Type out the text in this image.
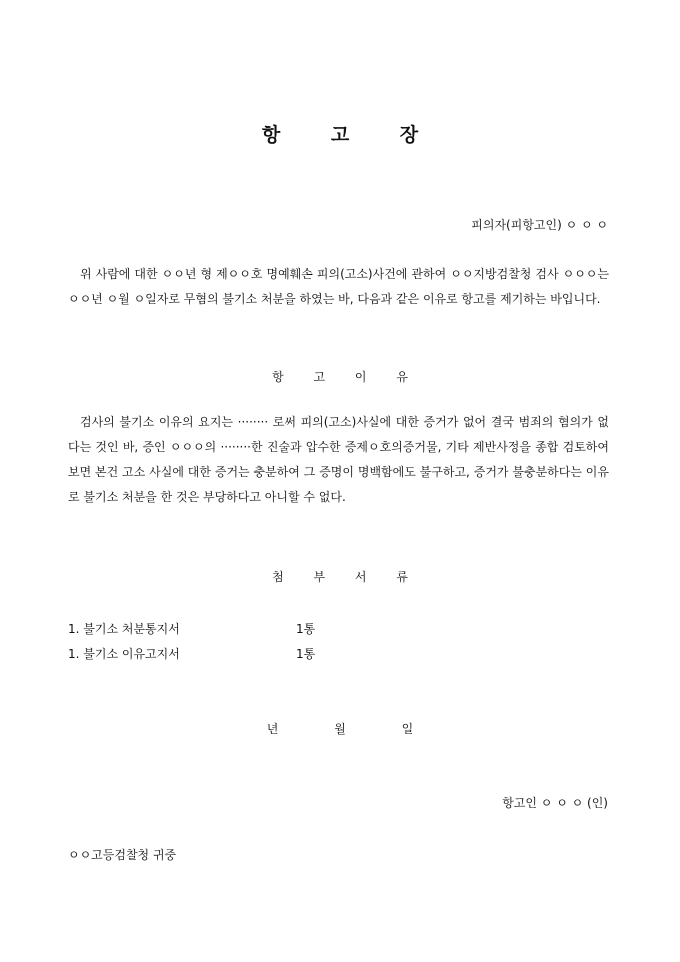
항 고 장
피의자(피항고인) ㅇ ㅇ ㅇ

위 사람에 대한 ㅇㅇ년 형 제ㅇㅇ호 명예훼손 피의(고소)사건에 관하여 ㅇㅇ지방검찰청 검사 ㅇㅇㅇ는 ㅇㅇ년 ㅇ월 ㅇ일자로 무혐의 불기소 처분을 하였는 바, 다음과 같은 이유로 항고를 제기하는 바입니다.

항 고 이 유

검사의 불기소 이유의 요지는 ········ 로써 피의(고소)사실에 대한 증거가 없어 결국 범죄의 혐의가 없다는 것인 바, 증인 ㅇㅇㅇ의 ········한 진술과 압수한 증제ㅇ호의증거물, 기타 제반사정을 종합 검토하여 보면 본건 고소 사실에 대한 증거는 충분하여 그 증명이 명백함에도 불구하고, 증거가 불충분하다는 이유로 불기소 처분을 한 것은 부당하다고 아니할 수 없다.

첨 부 서 류
1. 불기소 처분통지서	1통
1. 불기소 이유고지서	1통
년 월 일
항고인 ㅇ ㅇ ㅇ (인)
ㅇㅇ고등검찰청 귀중
